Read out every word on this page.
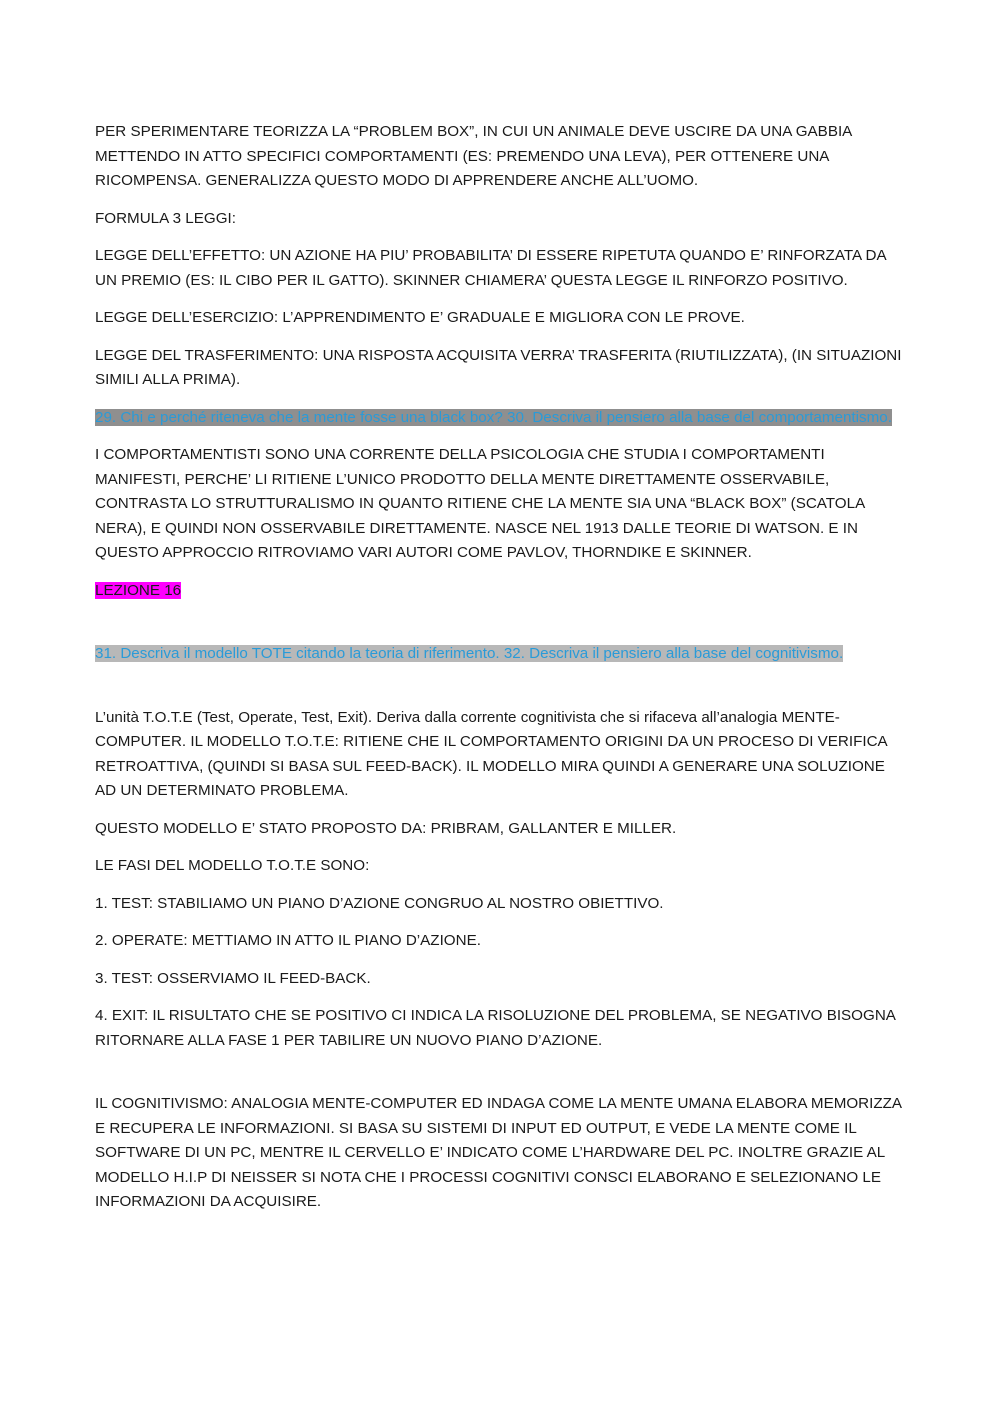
PER SPERIMENTARE TEORIZZA LA “PROBLEM BOX”, IN CUI UN ANIMALE DEVE USCIRE DA UNA GABBIA METTENDO IN ATTO SPECIFICI COMPORTAMENTI (ES: PREMENDO UNA LEVA), PER OTTENERE UNA RICOMPENSA. GENERALIZZA QUESTO MODO DI APPRENDERE ANCHE ALL’UOMO.

FORMULA 3 LEGGI:

LEGGE DELL’EFFETTO: UN AZIONE HA PIU’ PROBABILITA’ DI ESSERE RIPETUTA QUANDO E’ RINFORZATA DA UN PREMIO (ES: IL CIBO PER IL GATTO). SKINNER CHIAMERA’ QUESTA LEGGE IL RINFORZO POSITIVO.

LEGGE DELL’ESERCIZIO: L’APPRENDIMENTO E’ GRADUALE E MIGLIORA CON LE PROVE.

LEGGE DEL TRASFERIMENTO: UNA RISPOSTA ACQUISITA VERRA’ TRASFERITA (RIUTILIZZATA), (IN SITUAZIONI SIMILI ALLA PRIMA).

29. Chi e perché riteneva che la mente fosse una black box? 30. Descriva il pensiero alla base del comportamentismo.

I COMPORTAMENTISTI SONO UNA CORRENTE DELLA PSICOLOGIA CHE STUDIA I COMPORTAMENTI MANIFESTI, PERCHE’ LI RITIENE L’UNICO PRODOTTO DELLA MENTE DIRETTAMENTE OSSERVABILE, CONTRASTA LO STRUTTURALISMO IN QUANTO RITIENE CHE LA MENTE SIA UNA “BLACK BOX” (SCATOLA NERA), E QUINDI NON OSSERVABILE DIRETTAMENTE. NASCE NEL 1913 DALLE TEORIE DI WATSON. E IN QUESTO APPROCCIO RITROVIAMO VARI AUTORI COME PAVLOV, THORNDIKE E SKINNER.

LEZIONE 16

31. Descriva il modello TOTE citando la teoria di riferimento. 32. Descriva il pensiero alla base del cognitivismo.

L’unità T.O.T.E (Test, Operate, Test, Exit). Deriva dalla corrente cognitivista che si rifaceva all’analogia MENTE-COMPUTER. IL MODELLO T.O.T.E: RITIENE CHE IL COMPORTAMENTO ORIGINI DA UN PROCESO DI VERIFICA RETROATTIVA, (QUINDI SI BASA SUL FEED-BACK). IL MODELLO MIRA QUINDI A GENERARE UNA SOLUZIONE AD UN DETERMINATO PROBLEMA.

QUESTO MODELLO E’ STATO PROPOSTO DA: PRIBRAM, GALLANTER E MILLER.

LE FASI DEL MODELLO T.O.T.E SONO:

1. TEST: STABILIAMO UN PIANO D’AZIONE CONGRUO AL NOSTRO OBIETTIVO.

2. OPERATE: METTIAMO IN ATTO IL PIANO D’AZIONE.

3. TEST: OSSERVIAMO IL FEED-BACK.

4. EXIT: IL RISULTATO CHE SE POSITIVO CI INDICA LA RISOLUZIONE DEL PROBLEMA, SE NEGATIVO BISOGNA RITORNARE ALLA FASE 1 PER TABILIRE UN NUOVO PIANO D’AZIONE.

IL COGNITIVISMO: ANALOGIA MENTE-COMPUTER ED INDAGA COME LA MENTE UMANA ELABORA MEMORIZZA E RECUPERA LE INFORMAZIONI. SI BASA SU SISTEMI DI INPUT ED OUTPUT, E VEDE LA MENTE COME IL SOFTWARE DI UN PC, MENTRE IL CERVELLO E’ INDICATO COME L’HARDWARE DEL PC. INOLTRE GRAZIE AL MODELLO H.I.P DI NEISSER SI NOTA CHE I PROCESSI COGNITIVI CONSCI ELABORANO E SELEZIONANO LE INFORMAZIONI DA ACQUISIRE.
